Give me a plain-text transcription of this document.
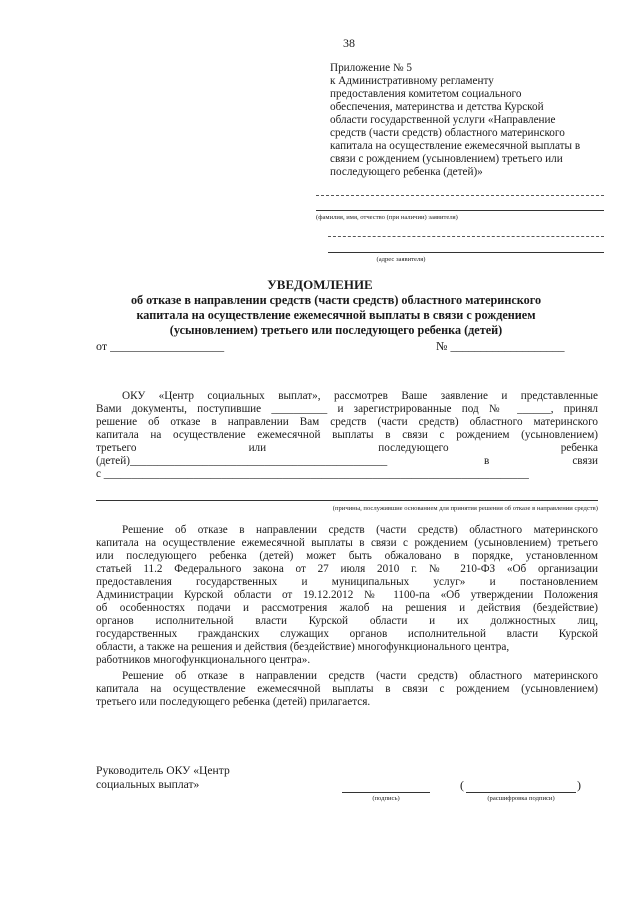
38
Приложение № 5
к Административному регламенту
предоставления комитетом социального
обеспечения, материнства и детства Курской
области государственной услуги «Направление
средств (части средств) областного материнского
капитала на осуществление ежемесячной выплаты в
связи с рождением (усыновлением) третьего или
последующего ребенка (детей)»
(фамилия, имя, отчество (при наличии) заявителя)
(адрес заявителя)
УВЕДОМЛЕНИЕ
об отказе в направлении средств (части средств) областного материнского
капитала на осуществление ежемесячной выплаты в связи с рождением
(усыновлением) третьего или последующего ребенка (детей)
от ___________________	№ ___________________
ОКУ «Центр социальных выплат», рассмотрев Ваше заявление и представленные
Вами документы, поступившие __________ и зарегистрированные под № ______, принял
решение об отказе в направлении Вам средств (части средств) областного материнского
капитала на осуществление ежемесячной выплаты в связи с рождением (усыновлением)
третьего	или	последующего	ребенка
(детей)______________________________________________	в	связи
с ____________________________________________________________________________
(причины, послужившие основанием для принятия решения об отказе в направлении средств)
Решение об отказе в направлении средств (части средств) областного материнского
капитала на осуществление ежемесячной выплаты в связи с рождением (усыновлением) третьего
или последующего ребенка (детей) может быть обжаловано в порядке, установленном
статьей 11.2 Федерального закона от 27 июля 2010 г. № 210-ФЗ «Об организации
предоставления государственных и муниципальных услуг» и постановлением
Администрации Курской области от 19.12.2012 № 1100-па «Об утверждении Положения
об особенностях подачи и рассмотрения жалоб на решения и действия (бездействие)
органов исполнительной власти Курской области и их должностных лиц,
государственных гражданских служащих органов исполнительной власти Курской
области, а также на решения и действия (бездействие) многофункционального центра,
работников многофункционального центра».
Решение об отказе в направлении средств (части средств) областного материнского
капитала на осуществление ежемесячной выплаты в связи с рождением (усыновлением)
третьего или последующего ребенка (детей) прилагается.
Руководитель ОКУ «Центр
социальных выплат»
(подпись)
(	)
(расшифровка подписи)
